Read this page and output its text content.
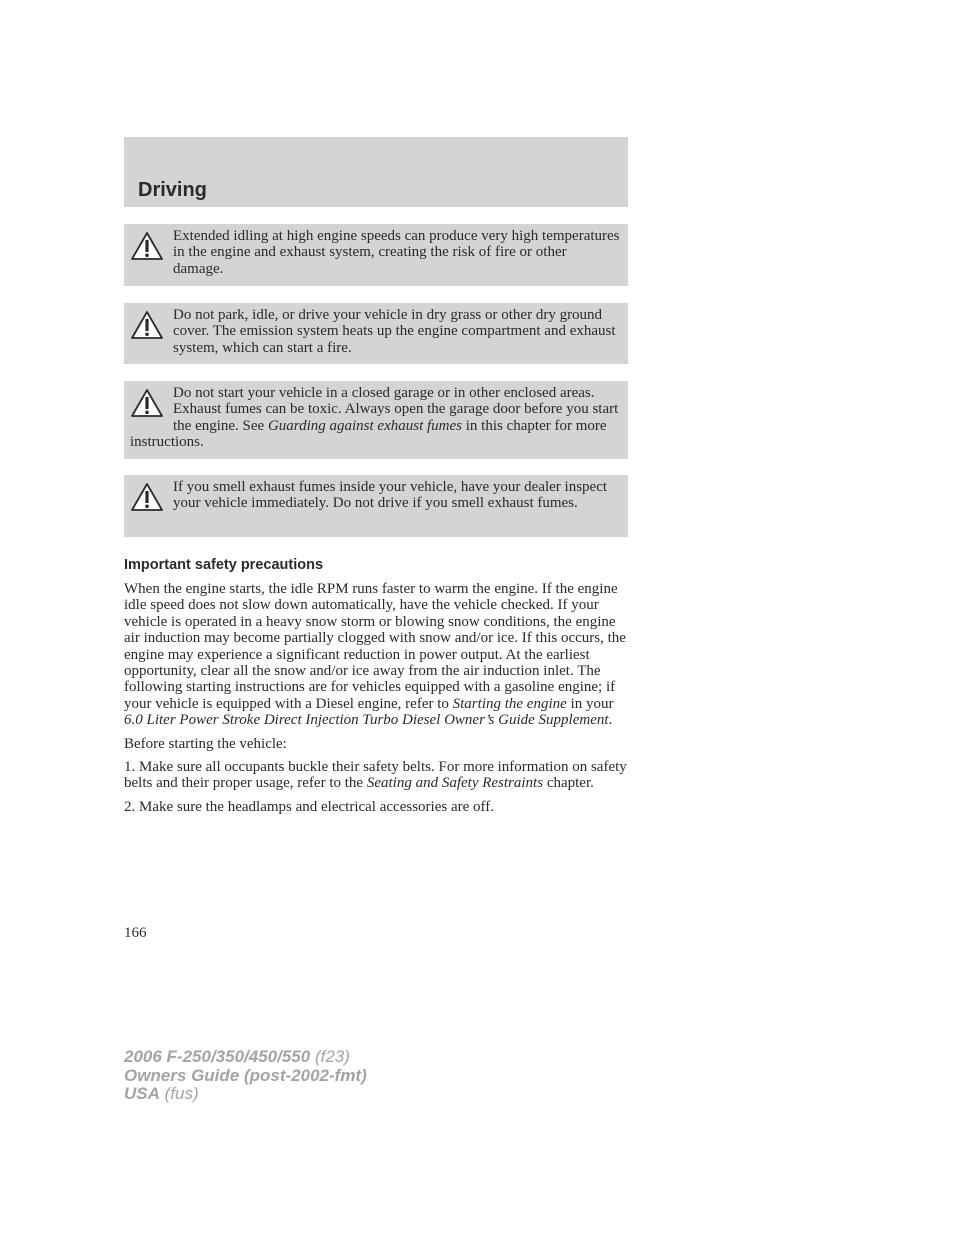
Driving
Extended idling at high engine speeds can produce very high temperatures in the engine and exhaust system, creating the risk of fire or other damage.
Do not park, idle, or drive your vehicle in dry grass or other dry ground cover. The emission system heats up the engine compartment and exhaust system, which can start a fire.
Do not start your vehicle in a closed garage or in other enclosed areas. Exhaust fumes can be toxic. Always open the garage door before you start the engine. See Guarding against exhaust fumes in this chapter for more instructions.
If you smell exhaust fumes inside your vehicle, have your dealer inspect your vehicle immediately. Do not drive if you smell exhaust fumes.
Important safety precautions

When the engine starts, the idle RPM runs faster to warm the engine. If the engine idle speed does not slow down automatically, have the vehicle checked. If your vehicle is operated in a heavy snow storm or blowing snow conditions, the engine air induction may become partially clogged with snow and/or ice. If this occurs, the engine may experience a significant reduction in power output. At the earliest opportunity, clear all the snow and/or ice away from the air induction inlet. The following starting instructions are for vehicles equipped with a gasoline engine; if your vehicle is equipped with a Diesel engine, refer to Starting the engine in your 6.0 Liter Power Stroke Direct Injection Turbo Diesel Owner’s Guide Supplement.

Before starting the vehicle:

1. Make sure all occupants buckle their safety belts. For more information on safety belts and their proper usage, refer to the Seating and Safety Restraints chapter.

2. Make sure the headlamps and electrical accessories are off.

166
2006 F-250/350/450/550 (f23)
Owners Guide (post-2002-fmt)
USA (fus)
